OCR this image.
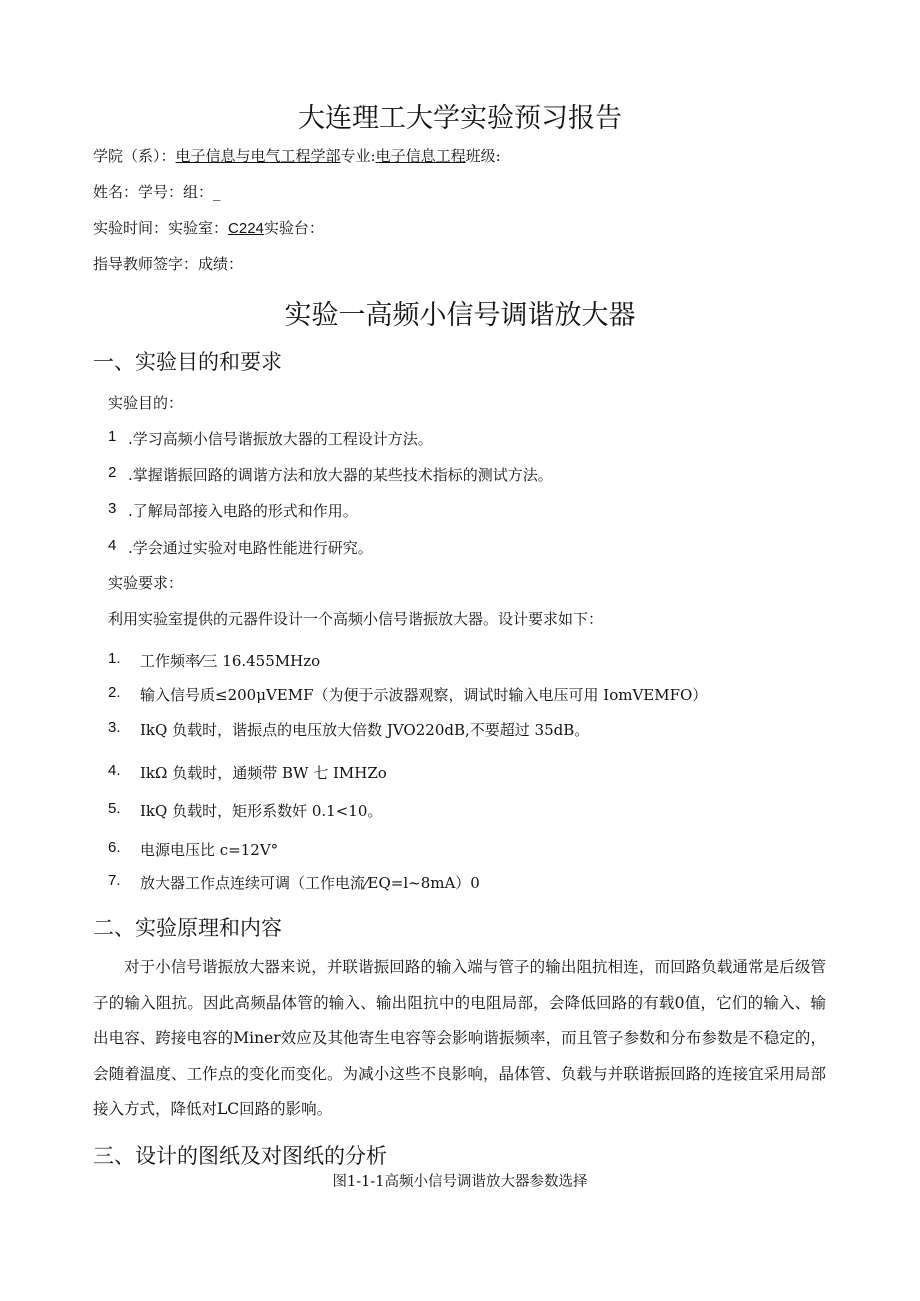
大连理工大学实验预习报告
学院（系）：电子信息与电气工程学部专业:电子信息工程班级:
姓名：学号：组：_
实验时间：实验室：C224实验台：
指导教师签字：成绩：
实验一高频小信号调谐放大器
一、实验目的和要求
实验目的：
1 .学习高频小信号谐振放大器的工程设计方法。
2 .掌握谐振回路的调谐方法和放大器的某些技术指标的测试方法。
3 .了解局部接入电路的形式和作用。
4 .学会通过实验对电路性能进行研究。
实验要求：
利用实验室提供的元器件设计一个高频小信号谐振放大器。设计要求如下：
1. 工作频率⁄三 16.455MHzo
2. 输入信号质≤200μVEMF（为便于示波器观察，调试时输入电压可用 IomVEMFO）
3. IkQ 负载时，谐振点的电压放大倍数 JVO220dB,不要超过 35dB。
4. IkΩ 负载时，通频带 BW 七 IMHZo
5. IkQ 负载时，矩形系数奸 0.1<10。
6. 电源电压比 c=12V°
7. 放大器工作点连续可调（工作电流⁄EQ=l~8mA）0
二、实验原理和内容
对于小信号谐振放大器来说，并联谐振回路的输入端与管子的输出阻抗相连，而回路负载通常是后级管子的输入阻抗。因此高频晶体管的输入、输出阻抗中的电阻局部，会降低回路的有载0值，它们的输入、输出电容、跨接电容的Miner效应及其他寄生电容等会影响谐振频率，而且管子参数和分布参数是不稳定的，会随着温度、工作点的变化而变化。为减小这些不良影响，晶体管、负载与并联谐振回路的连接宜采用局部接入方式，降低对LC回路的影响。
三、设计的图纸及对图纸的分析
图1-1-1高频小信号调谐放大器参数选择
